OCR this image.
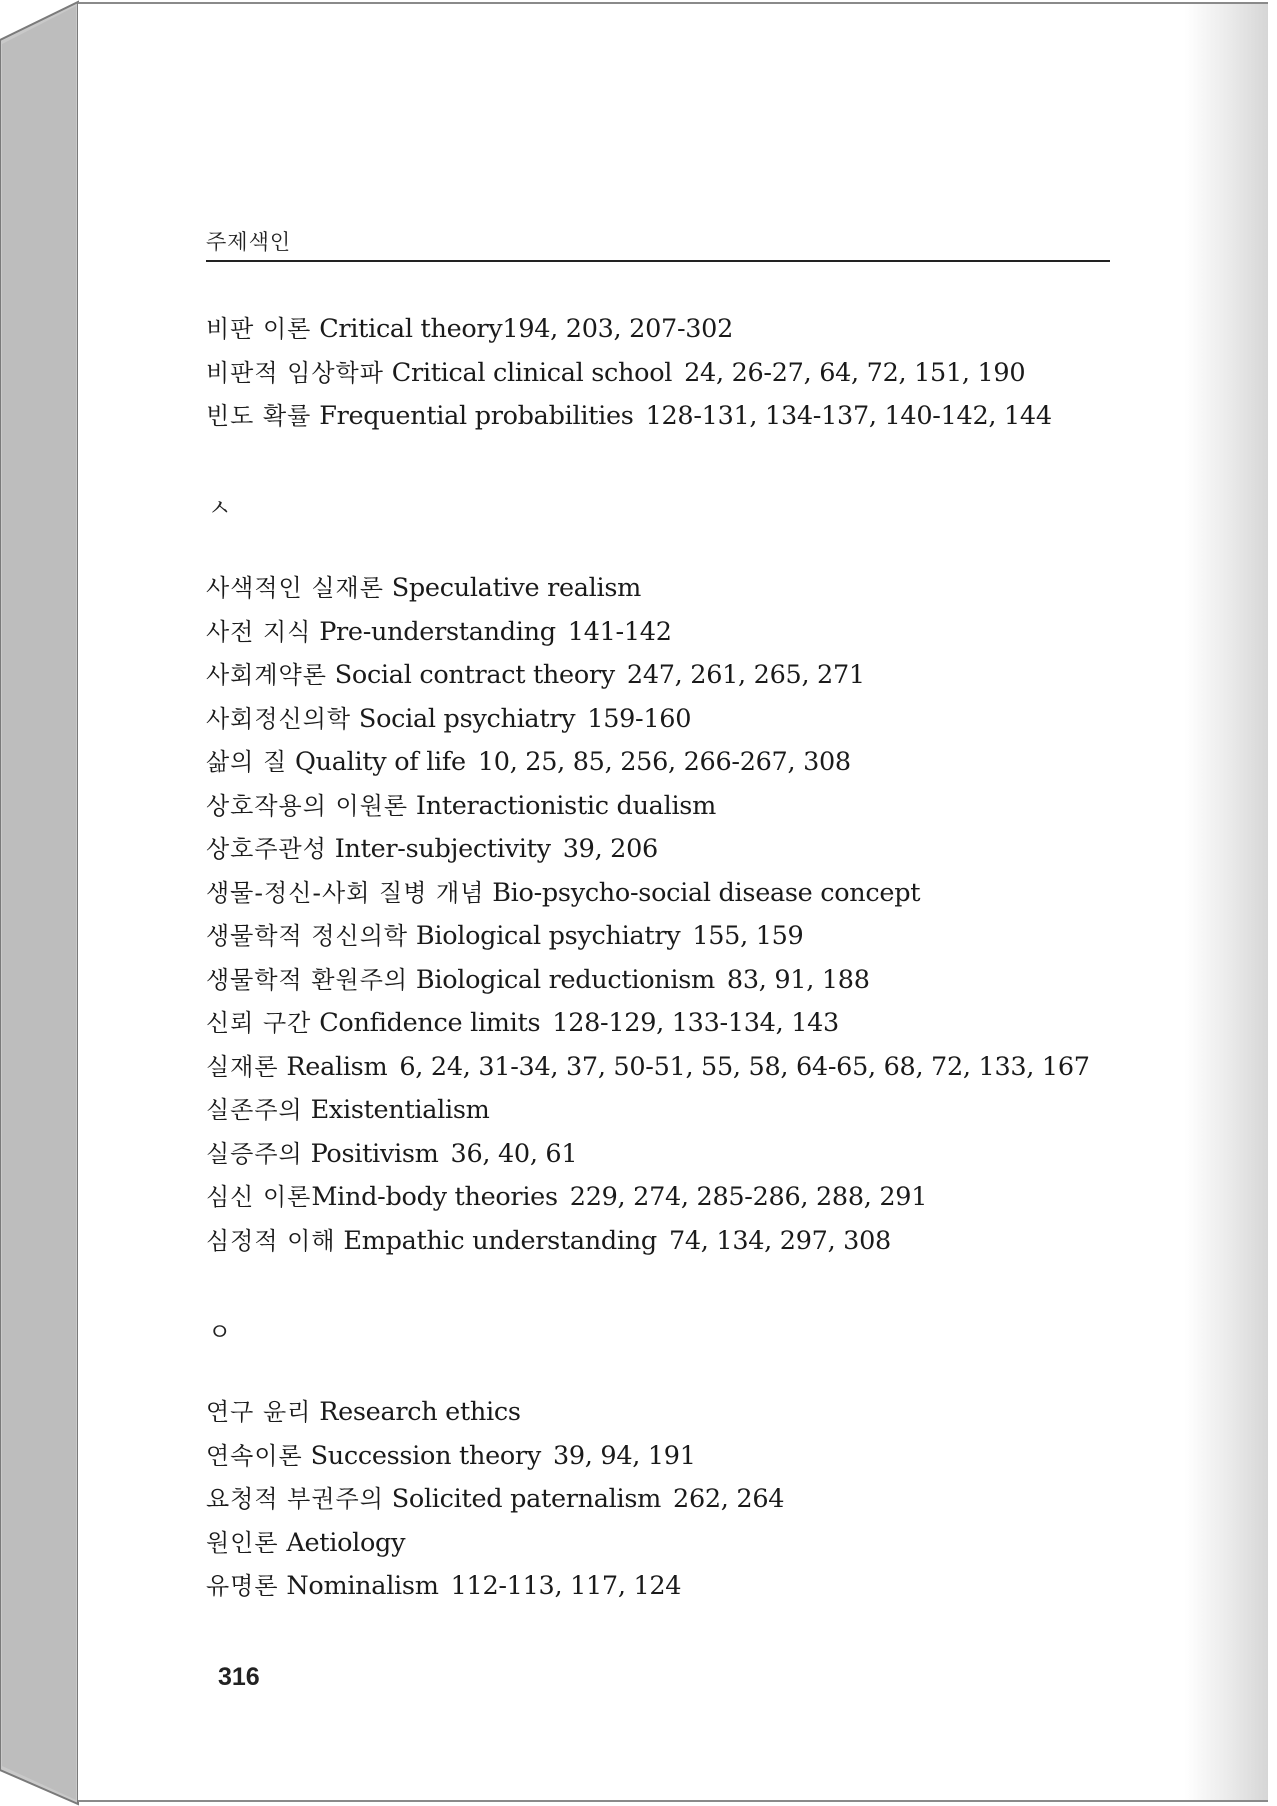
주제색인
비판 이론 Critical theory194, 203, 207-302
비판적 임상학파 Critical clinical school 24, 26-27, 64, 72, 151, 190
빈도 확률 Frequential probabilities 128-131, 134-137, 140-142, 144
ㅅ
사색적인 실재론 Speculative realism
사전 지식 Pre-understanding 141-142
사회계약론 Social contract theory 247, 261, 265, 271
사회정신의학 Social psychiatry 159-160
삶의 질 Quality of life 10, 25, 85, 256, 266-267, 308
상호작용의 이원론 Interactionistic dualism
상호주관성 Inter-subjectivity 39, 206
생물-정신-사회 질병 개념 Bio-psycho-social disease concept
생물학적 정신의학 Biological psychiatry 155, 159
생물학적 환원주의 Biological reductionism 83, 91, 188
신뢰 구간 Confidence limits 128-129, 133-134, 143
실재론 Realism 6, 24, 31-34, 37, 50-51, 55, 58, 64-65, 68, 72, 133, 167
실존주의 Existentialism
실증주의 Positivism 36, 40, 61
심신 이론Mind-body theories 229, 274, 285-286, 288, 291
심정적 이해 Empathic understanding 74, 134, 297, 308
ㅇ
연구 윤리 Research ethics
연속이론 Succession theory 39, 94, 191
요청적 부권주의 Solicited paternalism 262, 264
원인론 Aetiology
유명론 Nominalism 112-113, 117, 124
316
